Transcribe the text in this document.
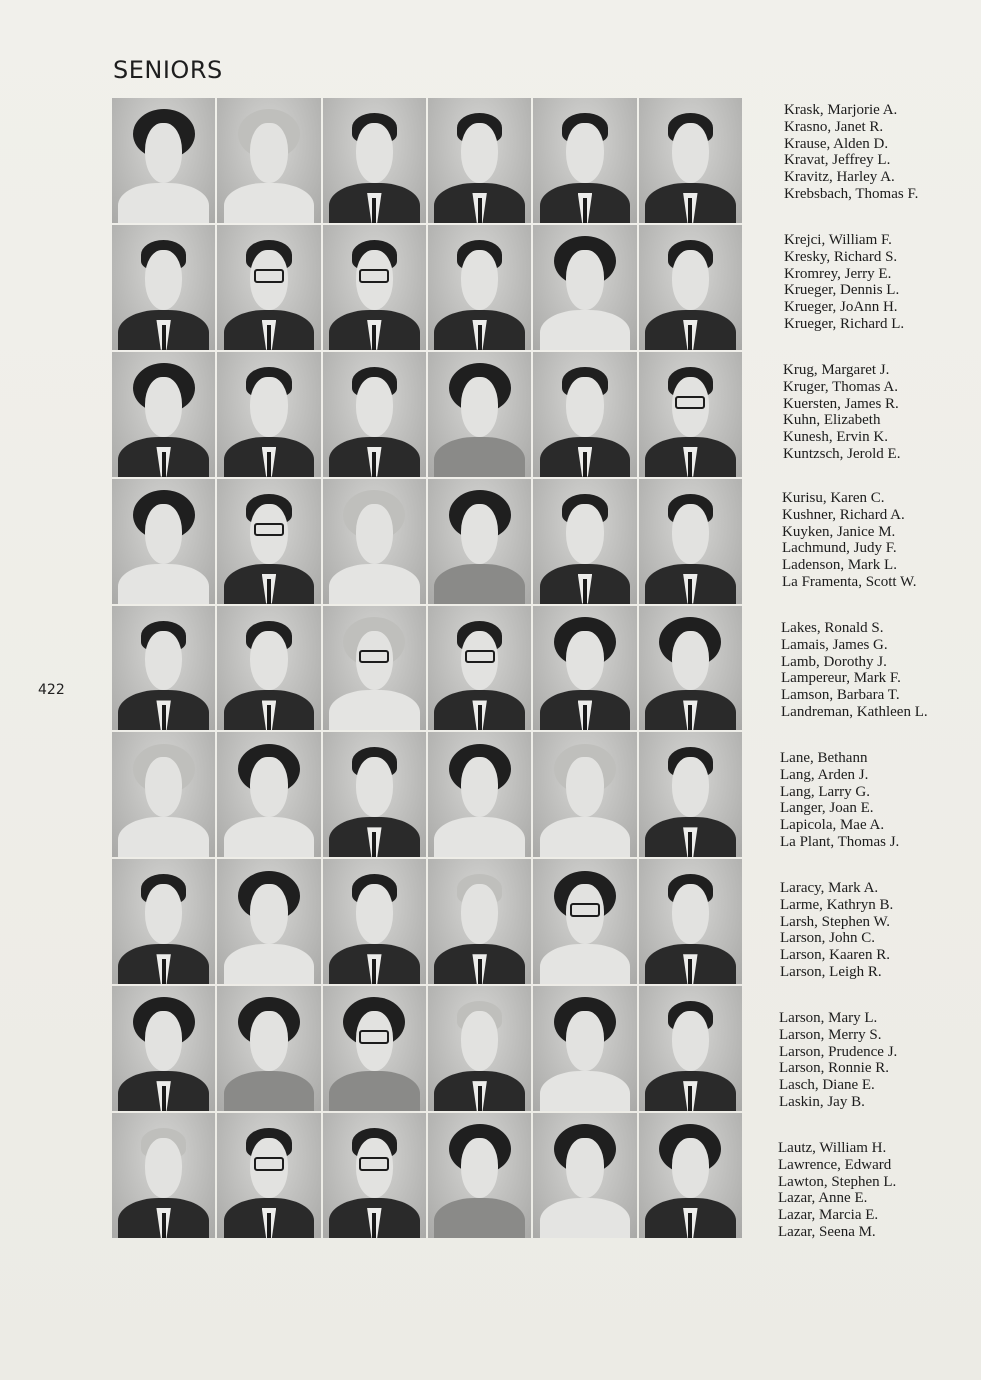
SENIORS
422
Krask, Marjorie A.
Krasno, Janet R.
Krause, Alden D.
Kravat, Jeffrey L.
Kravitz, Harley A.
Krebsbach, Thomas F.
Krejci, William F.
Kresky, Richard S.
Kromrey, Jerry E.
Krueger, Dennis L.
Krueger, JoAnn H.
Krueger, Richard L.
Krug, Margaret J.
Kruger, Thomas A.
Kuersten, James R.
Kuhn, Elizabeth
Kunesh, Ervin K.
Kuntzsch, Jerold E.
Kurisu, Karen C.
Kushner, Richard A.
Kuyken, Janice M.
Lachmund, Judy F.
Ladenson, Mark L.
La Framenta, Scott W.
Lakes, Ronald S.
Lamais, James G.
Lamb, Dorothy J.
Lampereur, Mark F.
Lamson, Barbara T.
Landreman, Kathleen L.
Lane, Bethann
Lang, Arden J.
Lang, Larry G.
Langer, Joan E.
Lapicola, Mae A.
La Plant, Thomas J.
Laracy, Mark A.
Larme, Kathryn B.
Larsh, Stephen W.
Larson, John C.
Larson, Kaaren R.
Larson, Leigh R.
Larson, Mary L.
Larson, Merry S.
Larson, Prudence J.
Larson, Ronnie R.
Lasch, Diane E.
Laskin, Jay B.
Lautz, William H.
Lawrence, Edward
Lawton, Stephen L.
Lazar, Anne E.
Lazar, Marcia E.
Lazar, Seena M.
